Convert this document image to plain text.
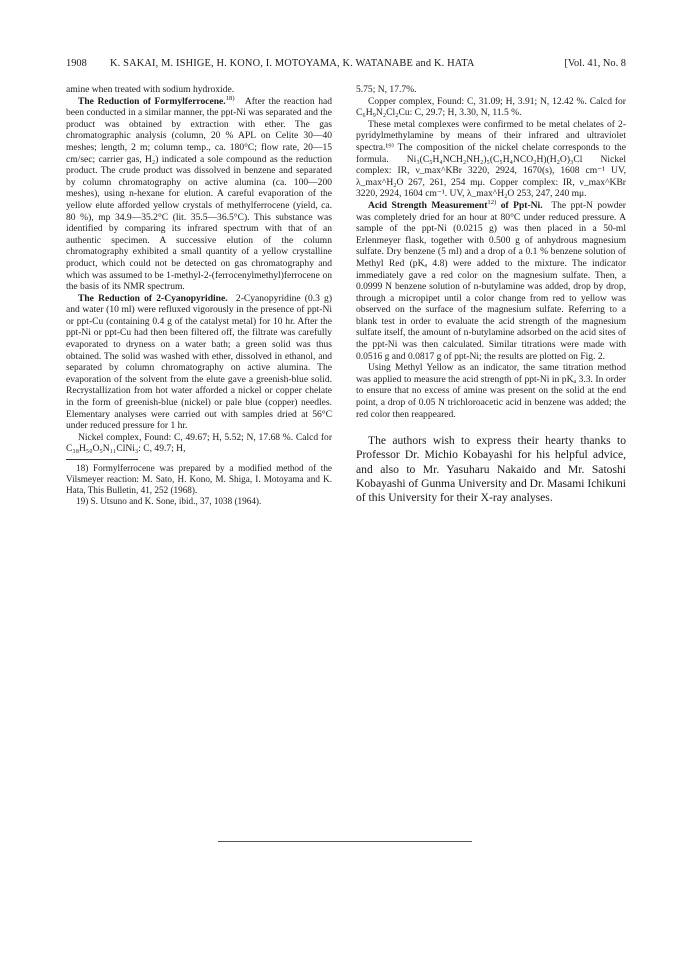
1908 K. SAKAI, M. ISHIGE, H. KONO, I. MOTOYAMA, K. WATANABE and K. HATA	[Vol. 41, No. 8

amine when treated with sodium hydroxide.

The Reduction of Formylferrocene.$^{18)}$ After the reaction had been conducted in a similar manner, the ppt-Ni was separated and the product was obtained by extraction with ether. The gas chromatographic analysis (column, 20 % APL on Celite 30—40 meshes; length, 2 m; column temp., ca. 180°C; flow rate, 20—15 cm/sec; carrier gas, H₂) indicated a sole compound as the reduction product. The crude product was dissolved in benzene and separated by column chromatography on active alumina (ca. 100—200 meshes), using n-hexane for elution. A careful evaporation of the yellow elute afforded yellow crystals of methylferrocene (yield, ca. 80 %), mp 34.9—35.2°C (lit. 35.5—36.5°C). This substance was identified by comparing its infrared spectrum with that of an authentic specimen. A successive elution of the column chromatography exhibited a small quantity of a yellow crystalline product, which could not be detected on gas chromatography and which was assumed to be 1-methyl-2-(ferrocenylmethyl)ferrocene on the basis of its NMR spectrum.

The Reduction of 2-Cyanopyridine. 2-Cyanopyridine (0.3 g) and water (10 ml) were refluxed vigorously in the presence of ppt-Ni or ppt-Cu (containing 0.4 g of the catalyst metal) for 10 hr. After the ppt-Ni or ppt-Cu had then been filtered off, the filtrate was carefully evaporated to dryness on a water bath; a green solid was thus obtained. The solid was washed with ether, dissolved in ethanol, and separated by column chromatography on active alumina. The evaporation of the solvent from the elute gave a greenish-blue solid. Recrystallization from hot water afforded a nickel or copper chelate in the form of greenish-blue (nickel) or pale blue (copper) needles. Elementary analyses were carried out with samples dried at 56°C under reduced pressure for 1 hr.

Nickel complex, Found: C, 49.67; H, 5.52; N, 17.68 %. Calcd for C₃₈H₅₀O₅N₁₁ClNi₃: C, 49.7; H,

18) Formylferrocene was prepared by a modified method of the Vilsmeyer reaction: M. Sato, H. Kono, M. Shiga, I. Motoyama and K. Hata, This Bulletin, 41, 252 (1968).

19) S. Utsuno and K. Sone, ibid., 37, 1038 (1964).

5.75; N, 17.7%.

Copper complex, Found: C, 31.09; H, 3.91; N, 12.42 %. Calcd for C₆H₉N₂Cl₂Cu: C, 29.7; H, 3.30, N, 11.5 %.

These metal complexes were confirmed to be metal chelates of 2-pyridylmethylamine by means of their infrared and ultraviolet spectra.¹⁹⁾ The composition of the nickel chelate corresponds to the formula. Ni₃(C₅H₄NCH₂NH₂)₅(C₅H₄NCO₂H)(H₂O)₃Cl Nickel complex: IR, ν_max^KBr 3220, 2924, 1670(s), 1608 cm⁻¹ UV, λ_max^H₂O 267, 261, 254 mμ. Copper complex: IR, ν_max^KBr 3220, 2924, 1604 cm⁻¹. UV, λ_max^H₂O 253, 247, 240 mμ.

Acid Strength Measurement$^{12)}$ of Ppt-Ni. The ppt-N powder was completely dried for an hour at 80°C under reduced pressure. A sample of the ppt-Ni (0.0215 g) was then placed in a 50-ml Erlenmeyer flask, together with 0.500 g of anhydrous magnesium sulfate. Dry benzene (5 ml) and a drop of a 0.1 % benzene solution of Methyl Red (pKₐ 4.8) were added to the mixture. The indicator immediately gave a red color on the magnesium sulfate. Then, a 0.0999 N benzene solution of n-butylamine was added, drop by drop, through a micropipet until a color change from red to yellow was observed on the surface of the magnesium sulfate. Referring to a blank test in order to evaluate the acid strength of the magnesium sulfate itself, the amount of n-butylamine adsorbed on the acid sites of the ppt-Ni was then calculated. Similar titrations were made with 0.0516 g and 0.0817 g of ppt-Ni; the results are plotted on Fig. 2.

Using Methyl Yellow as an indicator, the same titration method was applied to measure the acid strength of ppt-Ni in pKₐ 3.3. In order to ensure that no excess of amine was present on the solid at the end point, a drop of 0.05 N trichloroacetic acid in benzene was added; the red color then reappeared.

The authors wish to express their hearty thanks to Professor Dr. Michio Kobayashi for his helpful advice, and also to Mr. Yasuharu Nakaido and Mr. Satoshi Kobayashi of Gunma University and Dr. Masami Ichikuni of this University for their X-ray analyses.
